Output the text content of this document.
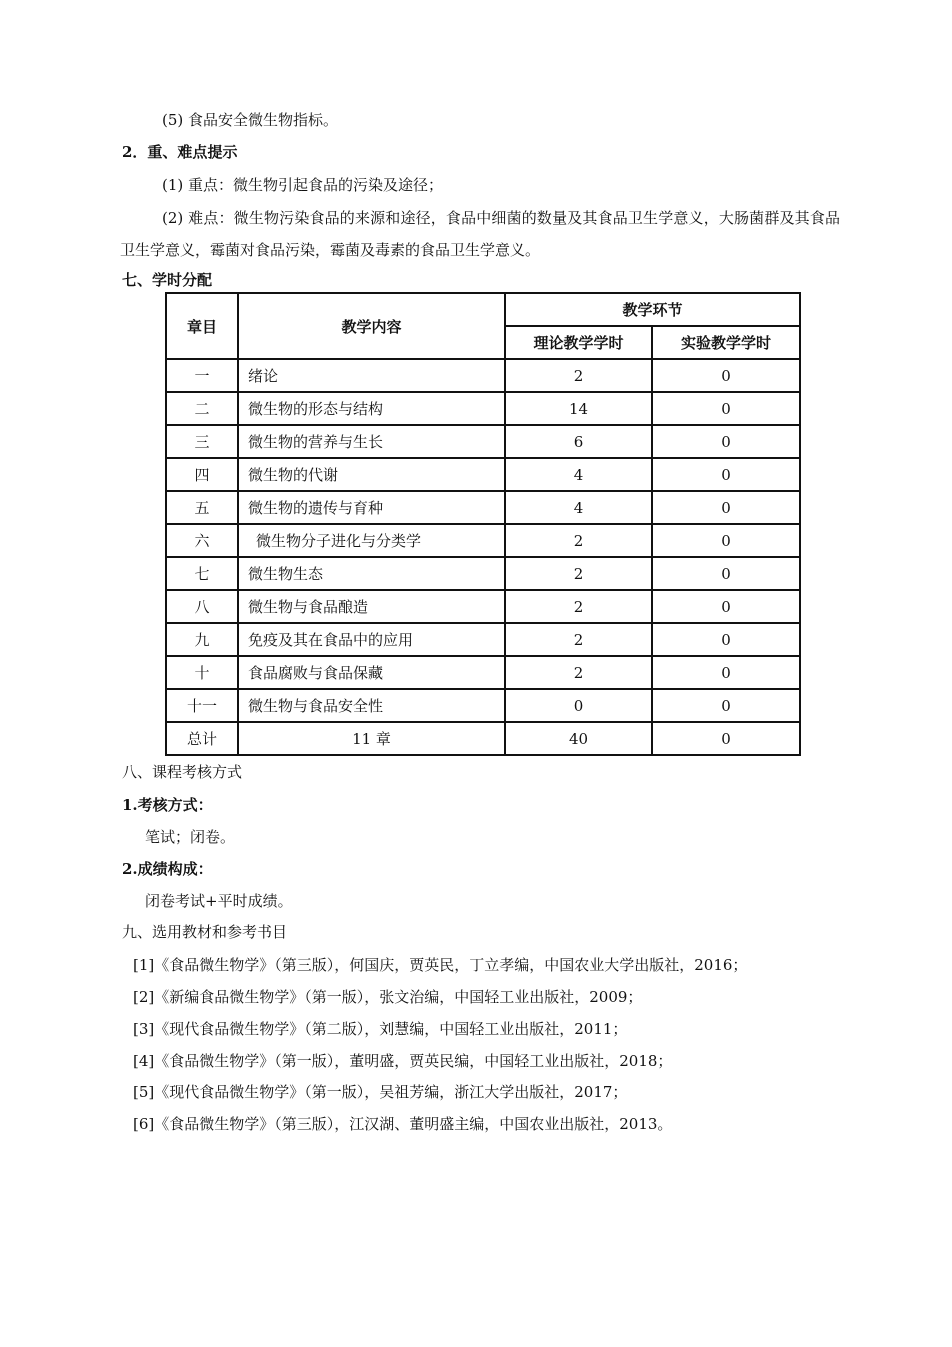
(5) 食品安全微生物指标。
2．重、难点提示
(1) 重点：微生物引起食品的污染及途径；
(2) 难点：微生物污染食品的来源和途径，食品中细菌的数量及其食品卫生学意义，大肠菌群及其食品卫生学意义，霉菌对食品污染，霉菌及毒素的食品卫生学意义。
七、学时分配
章目	教学内容	教学环节	
		理论教学学时	实验教学学时
一	绪论	2	0
二	微生物的形态与结构	14	0
三	微生物的营养与生长	6	0
四	微生物的代谢	4	0
五	微生物的遗传与育种	4	0
六	微生物分子进化与分类学	2	0
七	微生物生态	2	0
八	微生物与食品酿造	2	0
九	免疫及其在食品中的应用	2	0
十	食品腐败与食品保藏	2	0
十一	微生物与食品安全性	0	0
总计	11 章	40	0
八、课程考核方式
1.考核方式：
笔试；闭卷。
2.成绩构成：
闭卷考试+平时成绩。
九、选用教材和参考书目
[1]《食品微生物学》（第三版），何国庆，贾英民，丁立孝编，中国农业大学出版社，2016；
[2]《新编食品微生物学》（第一版），张文治编，中国轻工业出版社，2009；
[3]《现代食品微生物学》（第二版），刘慧编，中国轻工业出版社，2011；
[4]《食品微生物学》（第一版），董明盛，贾英民编，中国轻工业出版社，2018；
[5]《现代食品微生物学》（第一版），吴祖芳编，浙江大学出版社，2017；
[6]《食品微生物学》（第三版），江汉湖、董明盛主编，中国农业出版社，2013。
